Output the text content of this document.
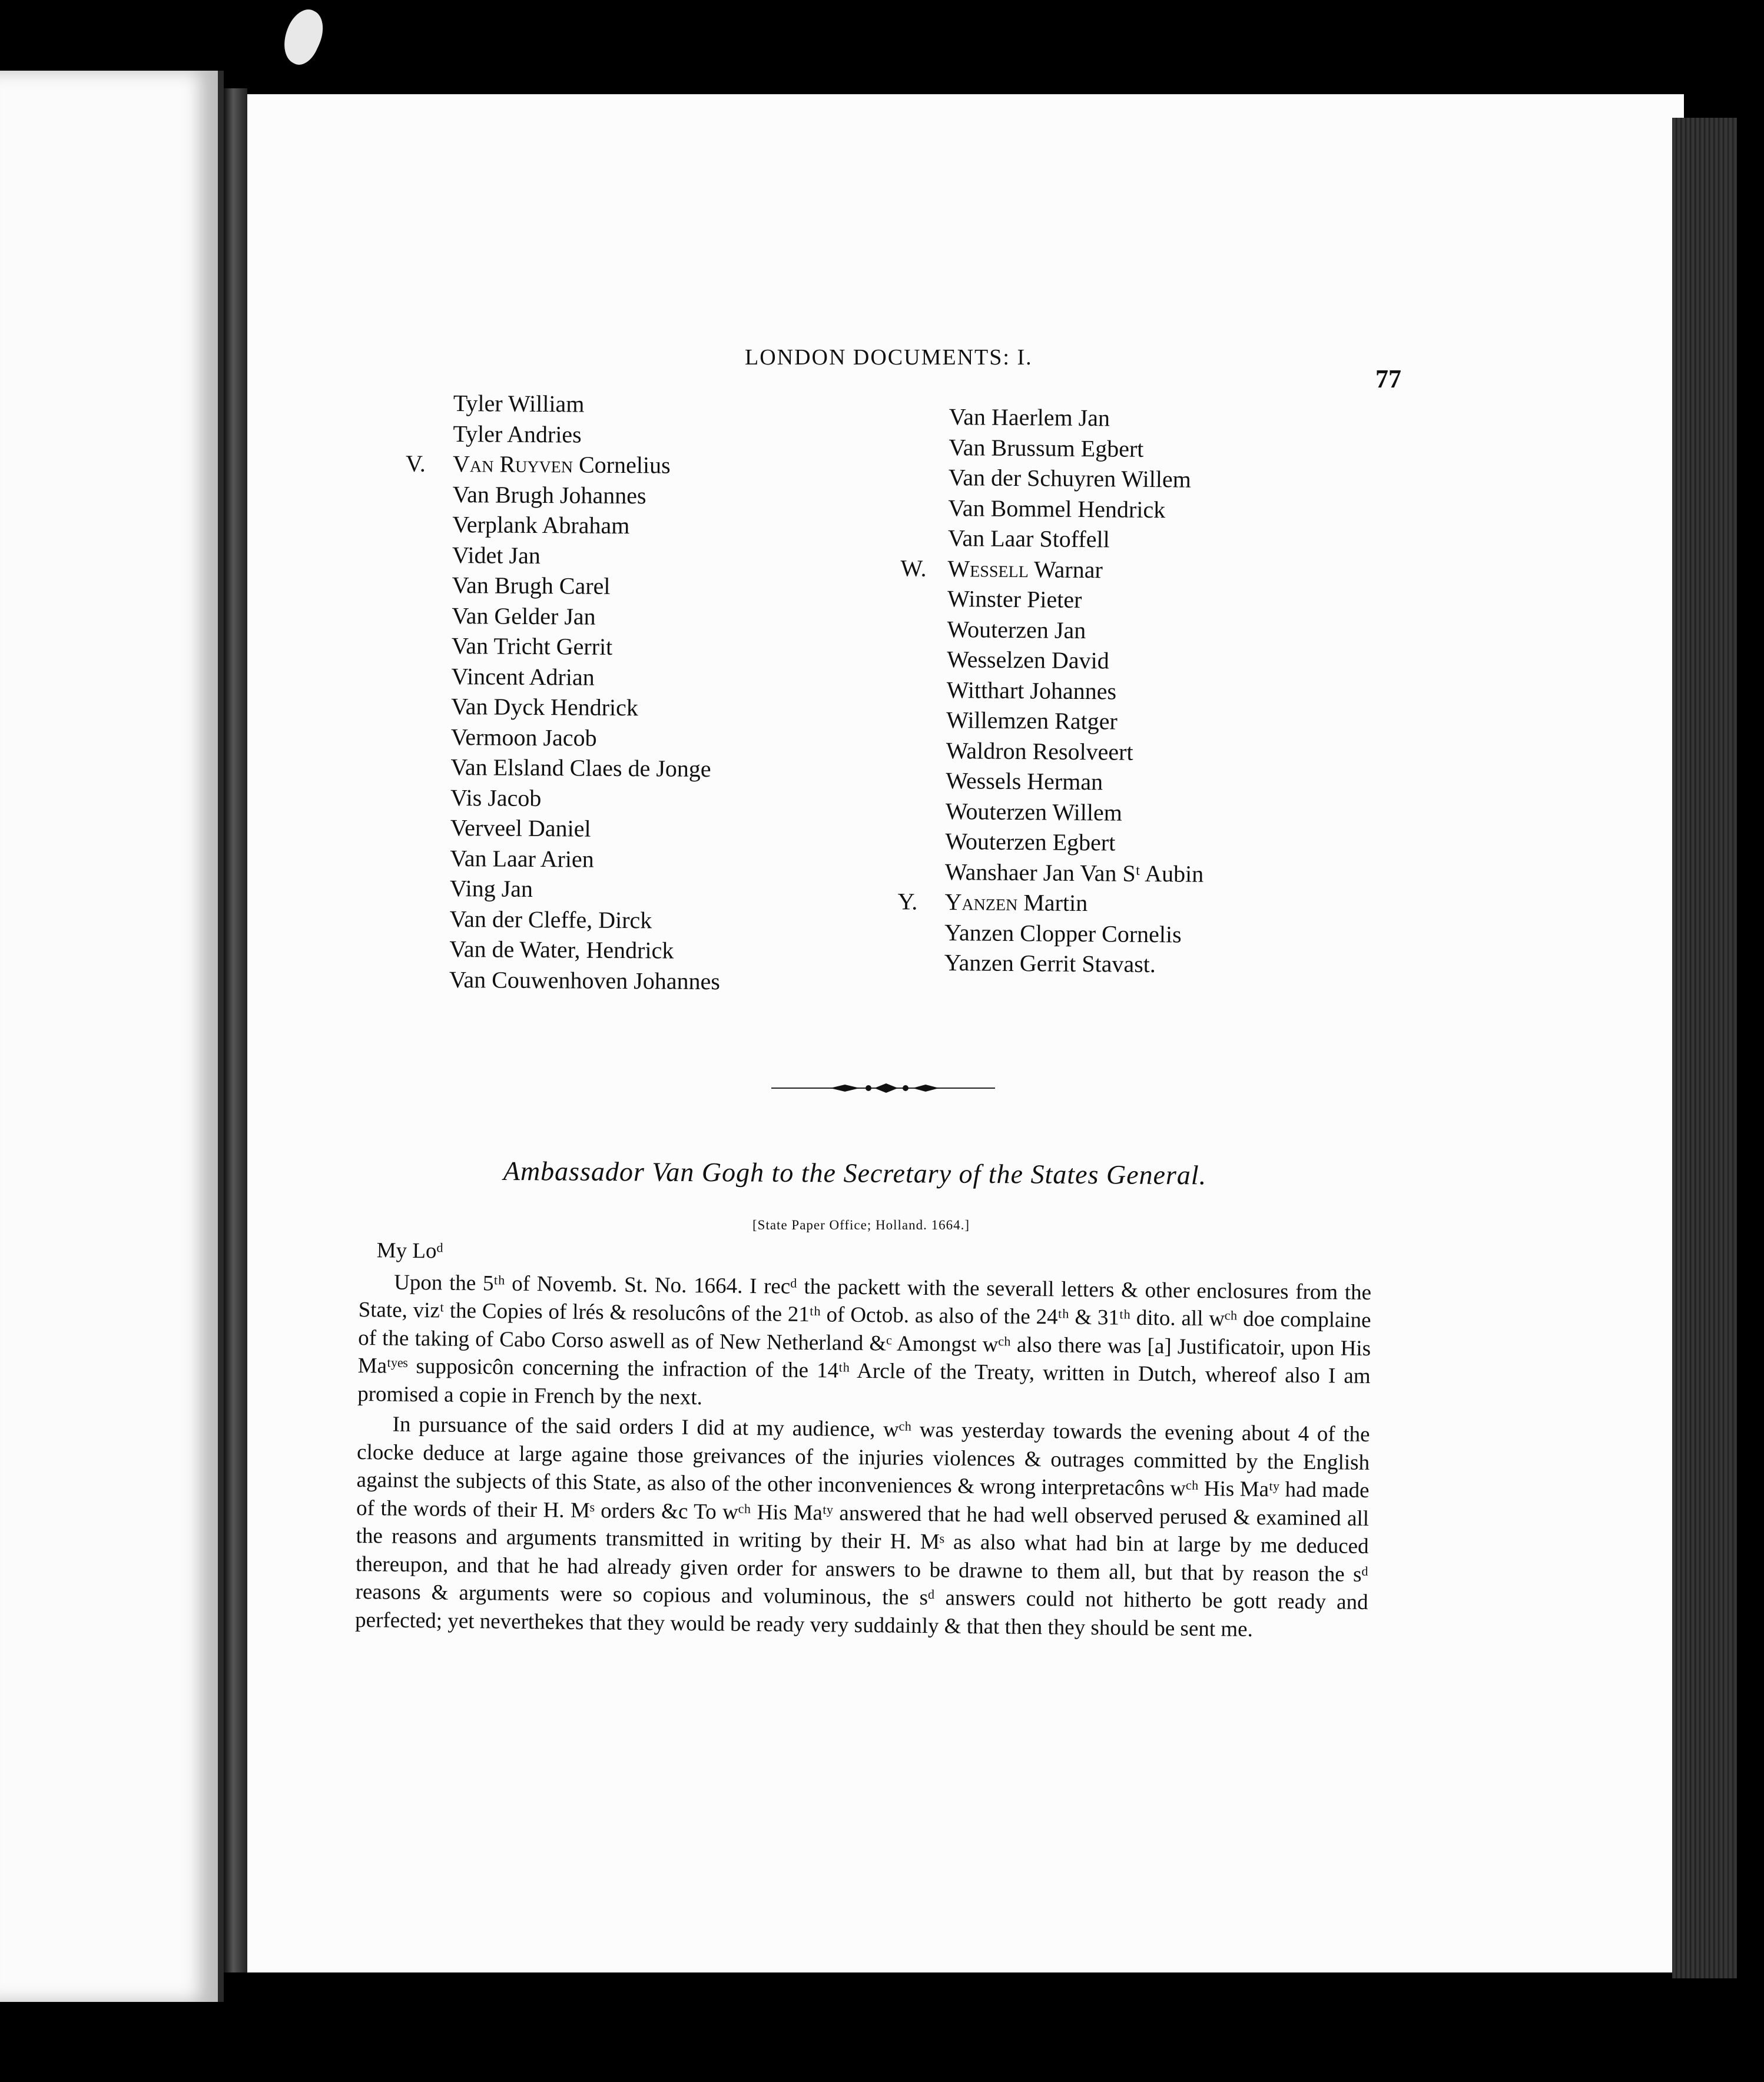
LONDON DOCUMENTS: I.
77
Tyler William
Tyler Andries
V. Van Ruyven Cornelius
Van Brugh Johannes
Verplank Abraham
Videt Jan
Van Brugh Carel
Van Gelder Jan
Van Tricht Gerrit
Vincent Adrian
Van Dyck Hendrick
Vermoon Jacob
Van Elsland Claes de Jonge
Vis Jacob
Verveel Daniel
Van Laar Arien
Ving Jan
Van der Cleffe, Dirck
Van de Water, Hendrick
Van Couwenhoven Johannes
Van Haerlem Jan
Van Brussum Egbert
Van der Schuyren Willem
Van Bommel Hendrick
Van Laar Stoffell
W. Wessell Warnar
Winster Pieter
Wouterzen Jan
Wesselzen David
Witthart Johannes
Willemzen Ratger
Waldron Resolveert
Wessels Herman
Wouterzen Willem
Wouterzen Egbert
Wanshaer Jan Van Sᵗ Aubin
Y. Yanzen Martin
Yanzen Clopper Cornelis
Yanzen Gerrit Stavast.
Ambassador Van Gogh to the Secretary of the States General.
[State Paper Office; Holland. 1664.]

My Loᵈ

Upon the 5ᵗʰ of Novemb. St. No. 1664. I recᵈ the packett with the severall letters & other enclosures from the State, vizᵗ the Copies of lrés & resolucôns of the 21ᵗʰ of Octob. as also of the 24ᵗʰ & 31ᵗʰ dito. all wᶜʰ doe complaine of the taking of Cabo Corso aswell as of New Netherland &ᶜ Amongst wᶜʰ also there was [a] Justificatoir, upon His Maᵗʸᵉˢ supposicôn concerning the infraction of the 14ᵗʰ Arcle of the Treaty, written in Dutch, whereof also I am promised a copie in French by the next.

In pursuance of the said orders I did at my audience, wᶜʰ was yesterday towards the evening about 4 of the clocke deduce at large againe those greivances of the injuries violences & outrages committed by the English against the subjects of this State, as also of the other inconveniences & wrong interpretacôns wᶜʰ His Maᵗʸ had made of the words of their H. Mˢ orders &c To wᶜʰ His Maᵗʸ answered that he had well observed perused & examined all the reasons and arguments transmitted in writing by their H. Mˢ as also what had bin at large by me deduced thereupon, and that he had already given order for answers to be drawne to them all, but that by reason the sᵈ reasons & arguments were so copious and voluminous, the sᵈ answers could not hitherto be gott ready and perfected; yet neverthekes that they would be ready very suddainly & that then they should be sent me.
